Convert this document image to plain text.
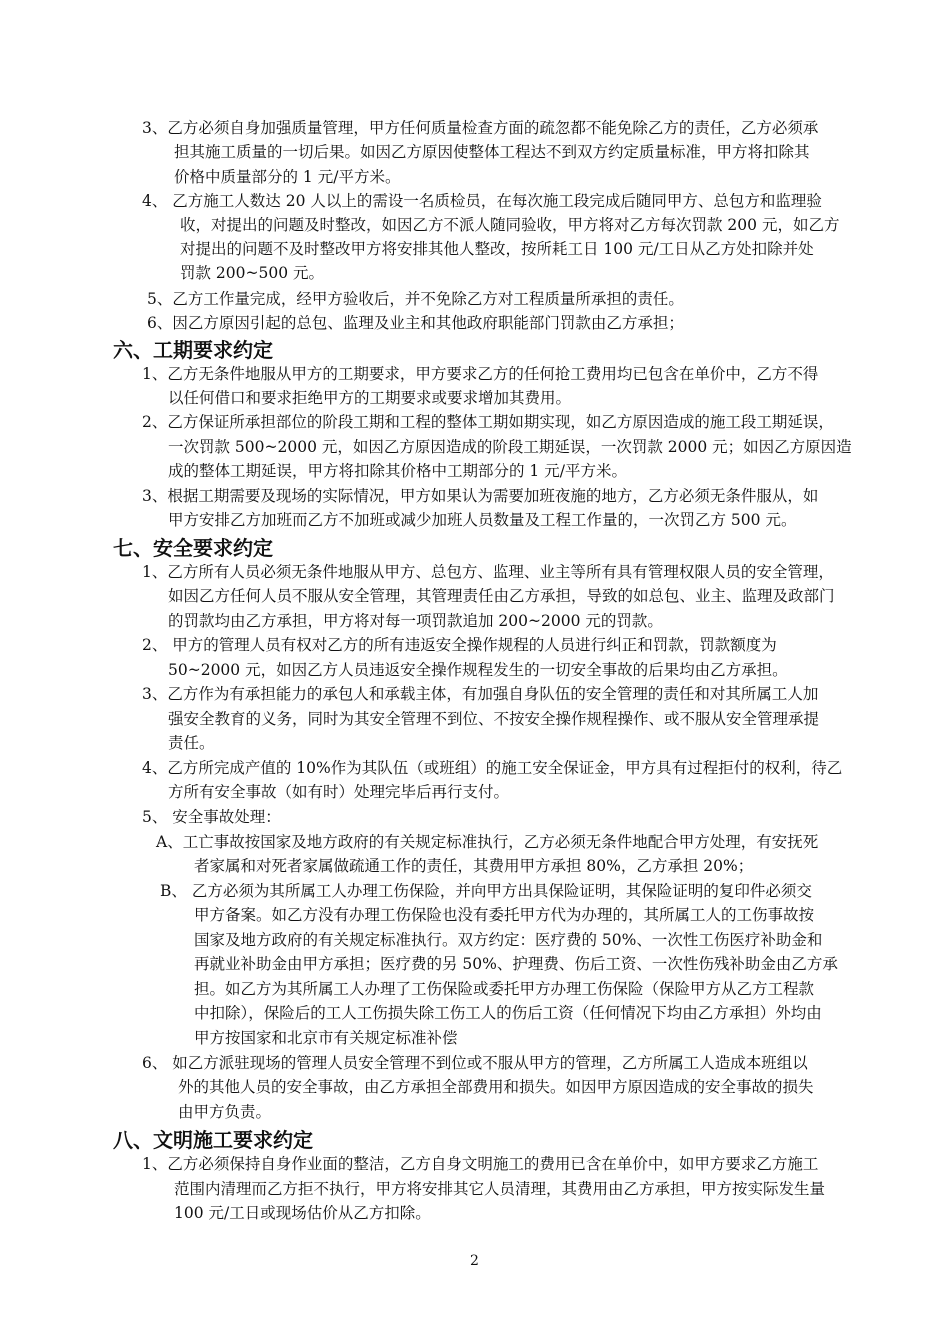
3、乙方必须自身加强质量管理，甲方任何质量检查方面的疏忽都不能免除乙方的责任，乙方必须承
担其施工质量的一切后果。如因乙方原因使整体工程达不到双方约定质量标准，甲方将扣除其
价格中质量部分的 1 元/平方米。
4、 乙方施工人数达 20 人以上的需设一名质检员，在每次施工段完成后随同甲方、总包方和监理验
收，对提出的问题及时整改，如因乙方不派人随同验收，甲方将对乙方每次罚款 200 元，如乙方
对提出的问题不及时整改甲方将安排其他人整改，按所耗工日 100 元/工日从乙方处扣除并处
罚款 200~500 元。
5、乙方工作量完成，经甲方验收后，并不免除乙方对工程质量所承担的责任。
6、因乙方原因引起的总包、监理及业主和其他政府职能部门罚款由乙方承担；
六、工期要求约定
1、乙方无条件地服从甲方的工期要求，甲方要求乙方的任何抢工费用均已包含在单价中，乙方不得
以任何借口和要求拒绝甲方的工期要求或要求增加其费用。
2、乙方保证所承担部位的阶段工期和工程的整体工期如期实现，如乙方原因造成的施工段工期延误，
一次罚款 500~2000 元，如因乙方原因造成的阶段工期延误，一次罚款 2000 元；如因乙方原因造
成的整体工期延误，甲方将扣除其价格中工期部分的 1 元/平方米。
3、根据工期需要及现场的实际情况，甲方如果认为需要加班夜施的地方，乙方必须无条件服从，如
甲方安排乙方加班而乙方不加班或减少加班人员数量及工程工作量的，一次罚乙方 500 元。
七、安全要求约定
1、乙方所有人员必须无条件地服从甲方、总包方、监理、业主等所有具有管理权限人员的安全管理，
如因乙方任何人员不服从安全管理，其管理责任由乙方承担，导致的如总包、业主、监理及政部门
的罚款均由乙方承担，甲方将对每一项罚款追加 200~2000 元的罚款。
2、 甲方的管理人员有权对乙方的所有违返安全操作规程的人员进行纠正和罚款，罚款额度为
50~2000 元，如因乙方人员违返安全操作规程发生的一切安全事故的后果均由乙方承担。
3、乙方作为有承担能力的承包人和承载主体，有加强自身队伍的安全管理的责任和对其所属工人加
强安全教育的义务，同时为其安全管理不到位、不按安全操作规程操作、或不服从安全管理承提
责任。
4、乙方所完成产值的 10%作为其队伍（或班组）的施工安全保证金，甲方具有过程拒付的权利，待乙
方所有安全事故（如有时）处理完毕后再行支付。
5、 安全事故处理：
A、工亡事故按国家及地方政府的有关规定标准执行，乙方必须无条件地配合甲方处理，有安抚死
者家属和对死者家属做疏通工作的责任，其费用甲方承担 80%，乙方承担 20%；
B、 乙方必须为其所属工人办理工伤保险，并向甲方出具保险证明，其保险证明的复印件必须交
甲方备案。如乙方没有办理工伤保险也没有委托甲方代为办理的，其所属工人的工伤事故按
国家及地方政府的有关规定标准执行。双方约定：医疗费的 50%、一次性工伤医疗补助金和
再就业补助金由甲方承担；医疗费的另 50%、护理费、伤后工资、一次性伤残补助金由乙方承
担。如乙方为其所属工人办理了工伤保险或委托甲方办理工伤保险（保险甲方从乙方工程款
中扣除），保险后的工人工伤损失除工伤工人的伤后工资（任何情况下均由乙方承担）外均由
甲方按国家和北京市有关规定标准补偿
6、 如乙方派驻现场的管理人员安全管理不到位或不服从甲方的管理，乙方所属工人造成本班组以
外的其他人员的安全事故，由乙方承担全部费用和损失。如因甲方原因造成的安全事故的损失
由甲方负责。
八、文明施工要求约定
1、乙方必须保持自身作业面的整洁，乙方自身文明施工的费用已含在单价中，如甲方要求乙方施工
范围内清理而乙方拒不执行，甲方将安排其它人员清理，其费用由乙方承担，甲方按实际发生量
100 元/工日或现场估价从乙方扣除。
2
